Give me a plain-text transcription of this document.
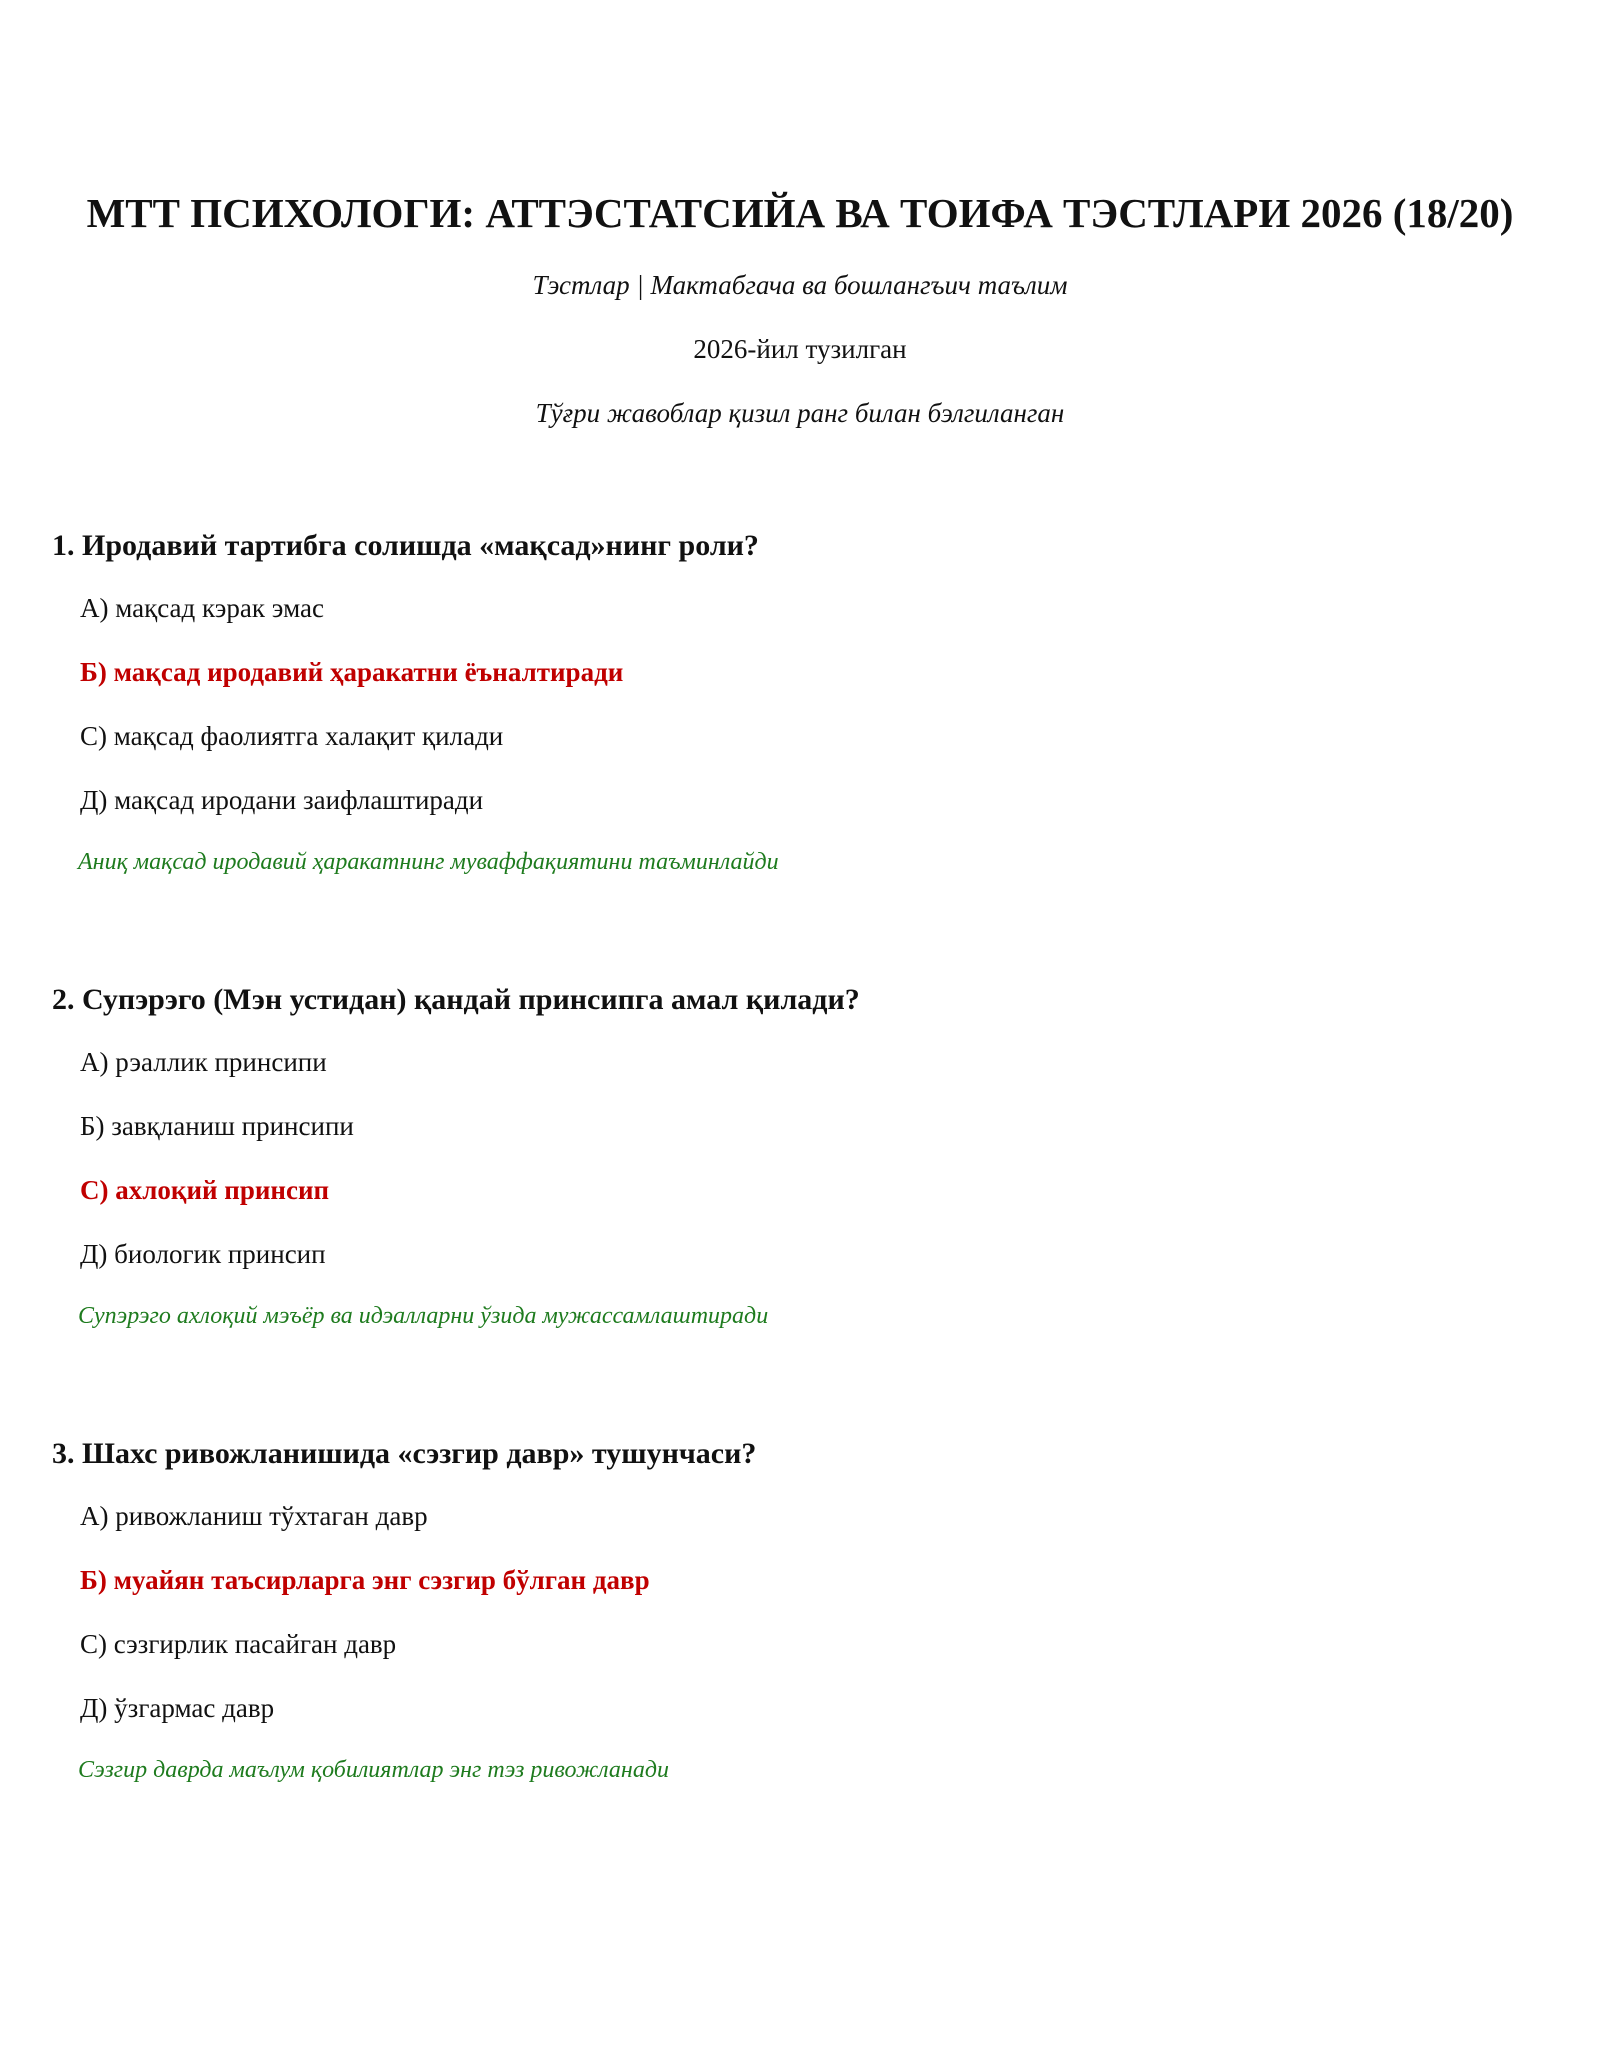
МТТ ПСИХОЛОГИ: АТТЭСТАТСИЙА ВА ТОИФА ТЭСТЛАРИ 2026 (18/20)
Тэстлар | Мактабгача ва бошлангъич таълим
2026-йил тузилган
Тўғри жавоблар қизил ранг билан бэлгиланган
1. Иродавий тартибга солишда «мақсад»нинг роли?
А) мақсад кэрак эмас
Б) мақсад иродавий ҳаракатни ёъналтиради
С) мақсад фаолиятга халақит қилади
Д) мақсад иродани заифлаштиради
Аниқ мақсад иродавий ҳаракатнинг муваффақиятини таъминлайди
2. Супэрэго (Мэн устидан) қандай принсипга амал қилади?
А) рэаллик принсипи
Б) завқланиш принсипи
С) ахлоқий принсип
Д) биологик принсип
Супэрэго ахлоқий мэъёр ва идэалларни ўзида мужассамлаштиради
3. Шахс ривожланишида «сэзгир давр» тушунчаси?
А) ривожланиш тўхтаган давр
Б) муайян таъсирларга энг сэзгир бўлган давр
С) сэзгирлик пасайган давр
Д) ўзгармас давр
Сэзгир даврда маълум қобилиятлар энг тэз ривожланади
